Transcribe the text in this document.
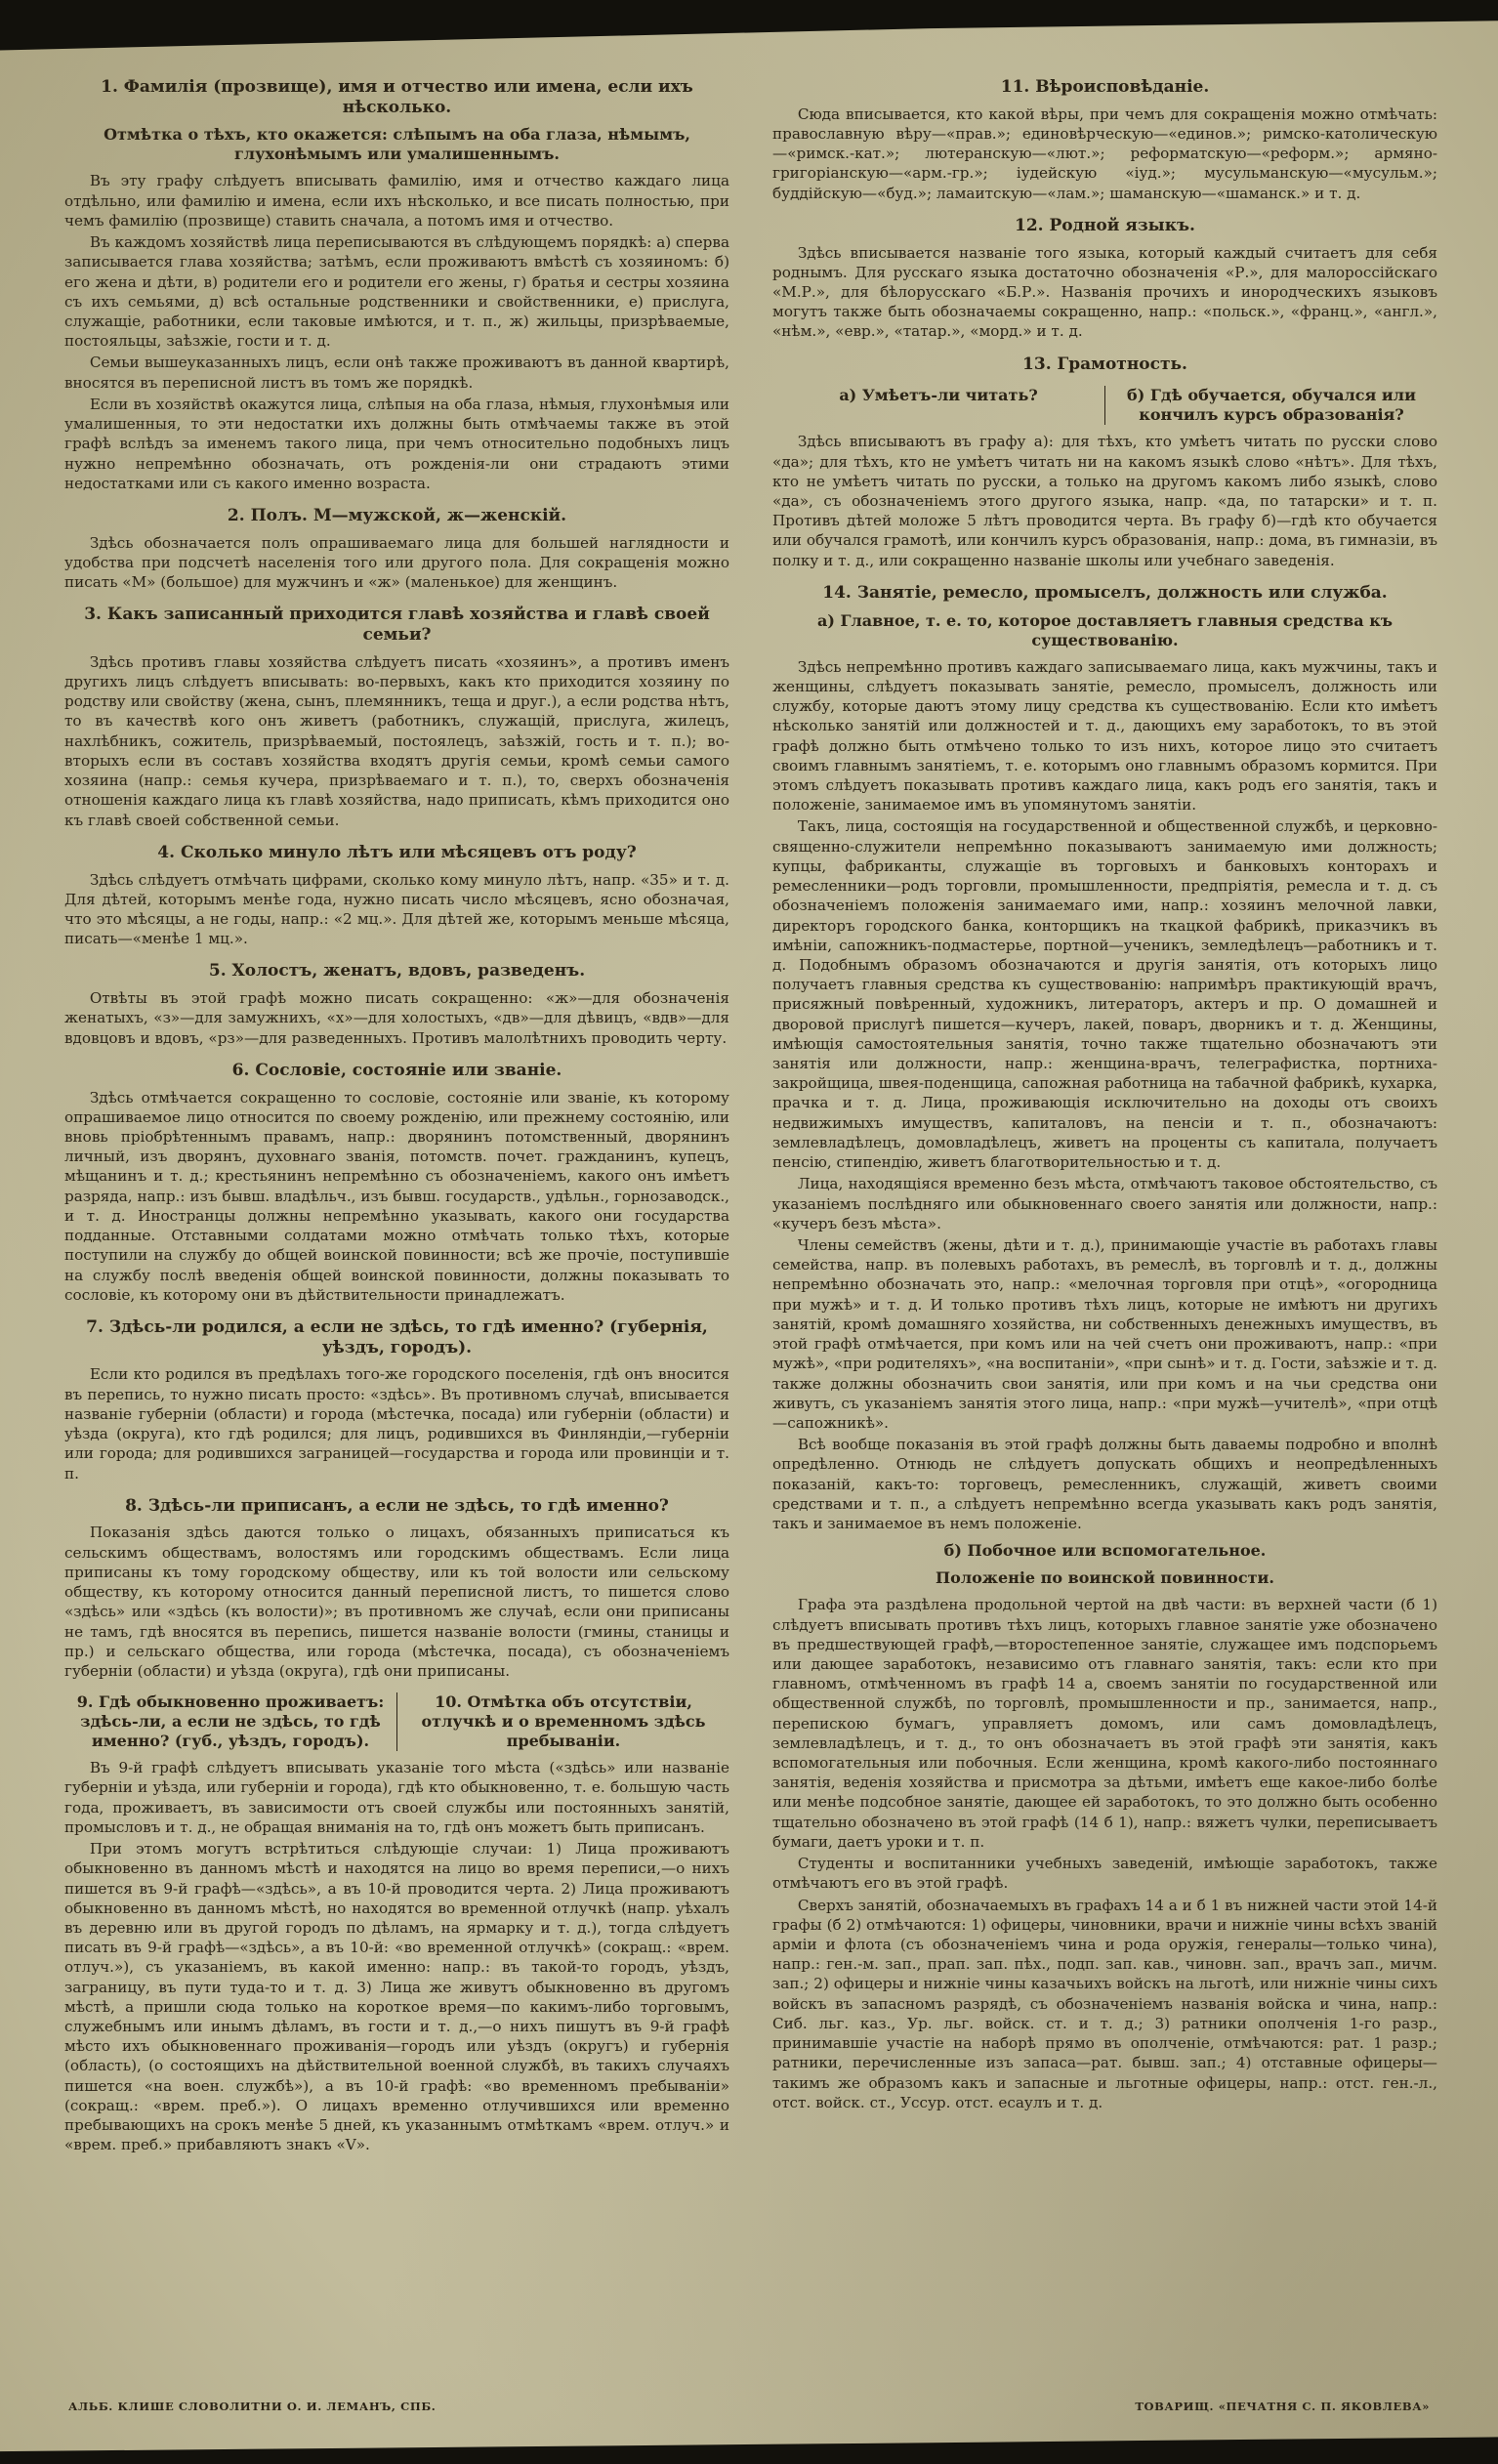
1. Фамилія (прозвище), имя и отчество или имена, если ихъ нѣсколько.
Отмѣтка о тѣхъ, кто окажется: слѣпымъ на оба глаза, нѣмымъ, глухонѣмымъ или умалишеннымъ.

Въ эту графу слѣдуетъ вписывать фамилію, имя и отчество каждаго лица отдѣльно, или фамилію и имена, если ихъ нѣсколько, и все писать полностью, при чемъ фамилію (прозвище) ставить сначала, а потомъ имя и отчество.

Въ каждомъ хозяйствѣ лица переписываются въ слѣдующемъ порядкѣ: а) сперва записывается глава хозяйства; затѣмъ, если проживаютъ вмѣстѣ съ хозяиномъ: б) его жена и дѣти, в) родители его и родители его жены, г) братья и сестры хозяина съ ихъ семьями, д) всѣ остальные родственники и свойственники, е) прислуга, служащіе, работники, если таковые имѣются, и т. п., ж) жильцы, призрѣваемые, постояльцы, заѣзжіе, гости и т. д.

Семьи вышеуказанныхъ лицъ, если онѣ также проживаютъ въ данной квартирѣ, вносятся въ переписной листъ въ томъ же порядкѣ.

Если въ хозяйствѣ окажутся лица, слѣпыя на оба глаза, нѣмыя, глухонѣмыя или умалишенныя, то эти недостатки ихъ должны быть отмѣчаемы также въ этой графѣ вслѣдъ за именемъ такого лица, при чемъ относительно подобныхъ лицъ нужно непремѣнно обозначать, отъ рожденія-ли они страдаютъ этими недостатками или съ какого именно возраста.

2. Полъ. М—мужской, ж—женскій.

Здѣсь обозначается полъ опрашиваемаго лица для большей наглядности и удобства при подсчетѣ населенія того или другого пола. Для сокращенія можно писать «М» (большое) для мужчинъ и «ж» (маленькое) для женщинъ.

3. Какъ записанный приходится главѣ хозяйства и главѣ своей семьи?

Здѣсь противъ главы хозяйства слѣдуетъ писать «хозяинъ», а противъ именъ другихъ лицъ слѣдуетъ вписывать: во-первыхъ, какъ кто приходится хозяину по родству или свойству (жена, сынъ, племянникъ, теща и друг.), а если родства нѣтъ, то въ качествѣ кого онъ живетъ (работникъ, служащій, прислуга, жилецъ, нахлѣбникъ, сожитель, призрѣваемый, постоялецъ, заѣзжій, гость и т. п.); во-вторыхъ если въ составъ хозяйства входятъ другія семьи, кромѣ семьи самого хозяина (напр.: семья кучера, призрѣваемаго и т. п.), то, сверхъ обозначенія отношенія каждаго лица къ главѣ хозяйства, надо приписать, кѣмъ приходится оно къ главѣ своей собственной семьи.

4. Сколько минуло лѣтъ или мѣсяцевъ отъ роду?

Здѣсь слѣдуетъ отмѣчать цифрами, сколько кому минуло лѣтъ, напр. «35» и т. д. Для дѣтей, которымъ менѣе года, нужно писать число мѣсяцевъ, ясно обозначая, что это мѣсяцы, а не годы, напр.: «2 мц.». Для дѣтей же, которымъ меньше мѣсяца, писать—«менѣе 1 мц.».

5. Холостъ, женатъ, вдовъ, разведенъ.

Отвѣты въ этой графѣ можно писать сокращенно: «ж»—для обозначенія женатыхъ, «з»—для замужнихъ, «х»—для холостыхъ, «дв»—для дѣвицъ, «вдв»—для вдовцовъ и вдовъ, «рз»—для разведенныхъ. Противъ малолѣтнихъ проводить черту.

6. Сословіе, состояніе или званіе.

Здѣсь отмѣчается сокращенно то сословіе, состояніе или званіе, къ которому опрашиваемое лицо относится по своему рожденію, или прежнему состоянію, или вновь пріобрѣтеннымъ правамъ, напр.: дворянинъ потомственный, дворянинъ личный, изъ дворянъ, духовнаго званія, потомств. почет. гражданинъ, купецъ, мѣщанинъ и т. д.; крестьянинъ непремѣнно съ обозначеніемъ, какого онъ имѣетъ разряда, напр.: изъ бывш. владѣльч., изъ бывш. государств., удѣльн., горнозаводск., и т. д. Иностранцы должны непремѣнно указывать, какого они государства подданные. Отставными солдатами можно отмѣчать только тѣхъ, которые поступили на службу до общей воинской повинности; всѣ же прочіе, поступившіе на службу послѣ введенія общей воинской повинности, должны показывать то сословіе, къ которому они въ дѣйствительности принадлежатъ.

7. Здѣсь-ли родился, а если не здѣсь, то гдѣ именно? (губернія, уѣздъ, городъ).

Если кто родился въ предѣлахъ того-же городского поселенія, гдѣ онъ вносится въ перепись, то нужно писать просто: «здѣсь». Въ противномъ случаѣ, вписывается названіе губерніи (области) и города (мѣстечка, посада) или губерніи (области) и уѣзда (округа), кто гдѣ родился; для лицъ, родившихся въ Финляндіи,—губерніи или города; для родившихся заграницей—государства и города или провинціи и т. п.

8. Здѣсь-ли приписанъ, а если не здѣсь, то гдѣ именно?

Показанія здѣсь даются только о лицахъ, обязанныхъ приписаться къ сельскимъ обществамъ, волостямъ или городскимъ обществамъ. Если лица приписаны къ тому городскому обществу, или къ той волости или сельскому обществу, къ которому относится данный переписной листъ, то пишется слово «здѣсь» или «здѣсь (къ волости)»; въ противномъ же случаѣ, если они приписаны не тамъ, гдѣ вносятся въ перепись, пишется названіе волости (гмины, станицы и пр.) и сельскаго общества, или города (мѣстечка, посада), съ обозначеніемъ губерніи (области) и уѣзда (округа), гдѣ они приписаны.

9. Гдѣ обыкновенно проживаетъ: здѣсь-ли, а если не здѣсь, то гдѣ именно? (губ., уѣздъ, городъ).
10. Отмѣтка объ отсутствіи, отлучкѣ и о временномъ здѣсь пребываніи.

Въ 9-й графѣ слѣдуетъ вписывать указаніе того мѣста («здѣсь» или названіе губерніи и уѣзда, или губерніи и города), гдѣ кто обыкновенно, т. е. большую часть года, проживаетъ, въ зависимости отъ своей службы или постоянныхъ занятій, промысловъ и т. д., не обращая вниманія на то, гдѣ онъ можетъ быть приписанъ.

При этомъ могутъ встрѣтиться слѣдующіе случаи: 1) Лица проживаютъ обыкновенно въ данномъ мѣстѣ и находятся на лицо во время переписи,—о нихъ пишется въ 9-й графѣ—«здѣсь», а въ 10-й проводится черта. 2) Лица проживаютъ обыкновенно въ данномъ мѣстѣ, но находятся во временной отлучкѣ (напр. уѣхалъ въ деревню или въ другой городъ по дѣламъ, на ярмарку и т. д.), тогда слѣдуетъ писать въ 9-й графѣ—«здѣсь», а въ 10-й: «во временной отлучкѣ» (сокращ.: «врем. отлуч.»), съ указаніемъ, въ какой именно: напр.: въ такой-то городъ, уѣздъ, заграницу, въ пути туда-то и т. д. 3) Лица же живутъ обыкновенно въ другомъ мѣстѣ, а пришли сюда только на короткое время—по какимъ-либо торговымъ, служебнымъ или инымъ дѣламъ, въ гости и т. д.,—о нихъ пишутъ въ 9-й графѣ мѣсто ихъ обыкновеннаго проживанія—городъ или уѣздъ (округъ) и губернія (область), (о состоящихъ на дѣйствительной военной службѣ, въ такихъ случаяхъ пишется «на воен. службѣ»), а въ 10-й графѣ: «во временномъ пребываніи» (сокращ.: «врем. преб.»). О лицахъ временно отлучившихся или временно пребывающихъ на срокъ менѣе 5 дней, къ указаннымъ отмѣткамъ «врем. отлуч.» и «врем. преб.» прибавляютъ знакъ «V».

11. Вѣроисповѣданіе.

Сюда вписывается, кто какой вѣры, при чемъ для сокращенія можно отмѣчать: православную вѣру—«прав.»; единовѣрческую—«единов.»; римско-католическую—«римск.-кат.»; лютеранскую—«лют.»; реформатскую—«реформ.»; армяно-григоріанскую—«арм.-гр.»; іудейскую «іуд.»; мусульманскую—«мусульм.»; буддійскую—«буд.»; ламаитскую—«лам.»; шаманскую—«шаманск.» и т. д.

12. Родной языкъ.

Здѣсь вписывается названіе того языка, который каждый считаетъ для себя роднымъ. Для русскаго языка достаточно обозначенія «Р.», для малороссійскаго «М.Р.», для бѣлорусскаго «Б.Р.». Названія прочихъ и инородческихъ языковъ могутъ также быть обозначаемы сокращенно, напр.: «польск.», «франц.», «англ.», «нѣм.», «евр.», «татар.», «морд.» и т. д.

13. Грамотность.
а) Умѣетъ-ли читать?	б) Гдѣ обучается, обучался или кончилъ курсъ образованія?

Здѣсь вписываютъ въ графу а): для тѣхъ, кто умѣетъ читать по русски слово «да»; для тѣхъ, кто не умѣетъ читать ни на какомъ языкѣ слово «нѣтъ». Для тѣхъ, кто не умѣетъ читать по русски, а только на другомъ какомъ либо языкѣ, слово «да», съ обозначеніемъ этого другого языка, напр. «да, по татарски» и т. п. Противъ дѣтей моложе 5 лѣтъ проводится черта. Въ графу б)—гдѣ кто обучается или обучался грамотѣ, или кончилъ курсъ образованія, напр.: дома, въ гимназіи, въ полку и т. д., или сокращенно названіе школы или учебнаго заведенія.

14. Занятіе, ремесло, промыселъ, должность или служба.
а) Главное, т. е. то, которое доставляетъ главныя средства къ существованію.

Здѣсь непремѣнно противъ каждаго записываемаго лица, какъ мужчины, такъ и женщины, слѣдуетъ показывать занятіе, ремесло, промыселъ, должность или службу, которые даютъ этому лицу средства къ существованію. Если кто имѣетъ нѣсколько занятій или должностей и т. д., дающихъ ему заработокъ, то въ этой графѣ должно быть отмѣчено только то изъ нихъ, которое лицо это считаетъ своимъ главнымъ занятіемъ, т. е. которымъ оно главнымъ образомъ кормится. При этомъ слѣдуетъ показывать противъ каждаго лица, какъ родъ его занятія, такъ и положеніе, занимаемое имъ въ упомянутомъ занятіи.

Такъ, лица, состоящія на государственной и общественной службѣ, и церковно-священно-служители непремѣнно показываютъ занимаемую ими должность; купцы, фабриканты, служащіе въ торговыхъ и банковыхъ конторахъ и ремесленники—родъ торговли, промышленности, предпріятія, ремесла и т. д. съ обозначеніемъ положенія занимаемаго ими, напр.: хозяинъ мелочной лавки, директоръ городского банка, конторщикъ на ткацкой фабрикѣ, приказчикъ въ имѣніи, сапожникъ-подмастерье, портной—ученикъ, земледѣлецъ—работникъ и т. д. Подобнымъ образомъ обозначаются и другія занятія, отъ которыхъ лицо получаетъ главныя средства къ существованію: напримѣръ практикующій врачъ, присяжный повѣренный, художникъ, литераторъ, актеръ и пр. О домашней и дворовой прислугѣ пишется—кучеръ, лакей, поваръ, дворникъ и т. д. Женщины, имѣющія самостоятельныя занятія, точно также тщательно обозначаютъ эти занятія или должности, напр.: женщина-врачъ, телеграфистка, портниха-закройщица, швея-поденщица, сапожная работница на табачной фабрикѣ, кухарка, прачка и т. д. Лица, проживающія исключительно на доходы отъ своихъ недвижимыхъ имуществъ, капиталовъ, на пенсіи и т. п., обозначаютъ: землевладѣлецъ, домовладѣлецъ, живетъ на проценты съ капитала, получаетъ пенсію, стипендію, живетъ благотворительностью и т. д.

Лица, находящіяся временно безъ мѣста, отмѣчаютъ таковое обстоятельство, съ указаніемъ послѣдняго или обыкновеннаго своего занятія или должности, напр.: «кучеръ безъ мѣста».

Члены семействъ (жены, дѣти и т. д.), принимающіе участіе въ работахъ главы семейства, напр. въ полевыхъ работахъ, въ ремеслѣ, въ торговлѣ и т. д., должны непремѣнно обозначать это, напр.: «мелочная торговля при отцѣ», «огородница при мужѣ» и т. д. И только противъ тѣхъ лицъ, которые не имѣютъ ни другихъ занятій, кромѣ домашняго хозяйства, ни собственныхъ денежныхъ имуществъ, въ этой графѣ отмѣчается, при комъ или на чей счетъ они проживаютъ, напр.: «при мужѣ», «при родителяхъ», «на воспитаніи», «при сынѣ» и т. д. Гости, заѣзжіе и т. д. также должны обозначить свои занятія, или при комъ и на чьи средства они живутъ, съ указаніемъ занятія этого лица, напр.: «при мужѣ—учителѣ», «при отцѣ—сапожникѣ».

Всѣ вообще показанія въ этой графѣ должны быть даваемы подробно и вполнѣ опредѣленно. Отнюдь не слѣдуетъ допускать общихъ и неопредѣленныхъ показаній, какъ-то: торговецъ, ремесленникъ, служащій, живетъ своими средствами и т. п., а слѣдуетъ непремѣнно всегда указывать какъ родъ занятія, такъ и занимаемое въ немъ положеніе.

б) Побочное или вспомогательное.
Положеніе по воинской повинности.

Графа эта раздѣлена продольной чертой на двѣ части: въ верхней части (б 1) слѣдуетъ вписывать противъ тѣхъ лицъ, которыхъ главное занятіе уже обозначено въ предшествующей графѣ,—второстепенное занятіе, служащее имъ подспорьемъ или дающее заработокъ, независимо отъ главнаго занятія, такъ: если кто при главномъ, отмѣченномъ въ графѣ 14 а, своемъ занятіи по государственной или общественной службѣ, по торговлѣ, промышленности и пр., занимается, напр., перепискою бумагъ, управляетъ домомъ, или самъ домовладѣлецъ, землевладѣлецъ, и т. д., то онъ обозначаетъ въ этой графѣ эти занятія, какъ вспомогательныя или побочныя. Если женщина, кромѣ какого-либо постояннаго занятія, веденія хозяйства и присмотра за дѣтьми, имѣетъ еще какое-либо болѣе или менѣе подсобное занятіе, дающее ей заработокъ, то это должно быть особенно тщательно обозначено въ этой графѣ (14 б 1), напр.: вяжетъ чулки, переписываетъ бумаги, даетъ уроки и т. п.

Студенты и воспитанники учебныхъ заведеній, имѣющіе заработокъ, также отмѣчаютъ его въ этой графѣ.

Сверхъ занятій, обозначаемыхъ въ графахъ 14 а и б 1 въ нижней части этой 14-й графы (б 2) отмѣчаются: 1) офицеры, чиновники, врачи и нижніе чины всѣхъ званій арміи и флота (съ обозначеніемъ чина и рода оружія, генералы—только чина), напр.: ген.-м. зап., прап. зап. пѣх., подп. зап. кав., чиновн. зап., врачъ зап., мичм. зап.; 2) офицеры и нижніе чины казачьихъ войскъ на льготѣ, или нижніе чины сихъ войскъ въ запасномъ разрядѣ, съ обозначеніемъ названія войска и чина, напр.: Сиб. льг. каз., Ур. льг. войск. ст. и т. д.; 3) ратники ополченія 1-го разр., принимавшіе участіе на наборѣ прямо въ ополченіе, отмѣчаются: рат. 1 разр.; ратники, перечисленные изъ запаса—рат. бывш. зап.; 4) отставные офицеры—такимъ же образомъ какъ и запасные и льготные офицеры, напр.: отст. ген.-л., отст. войск. ст., Уссур. отст. есаулъ и т. д.

АЛЬБ. КЛИШЕ СЛОВОЛИТНИ О. И. ЛЕМАНЪ, СПБ.	ТОВАРИЩ. «ПЕЧАТНЯ С. П. ЯКОВЛЕВА»
